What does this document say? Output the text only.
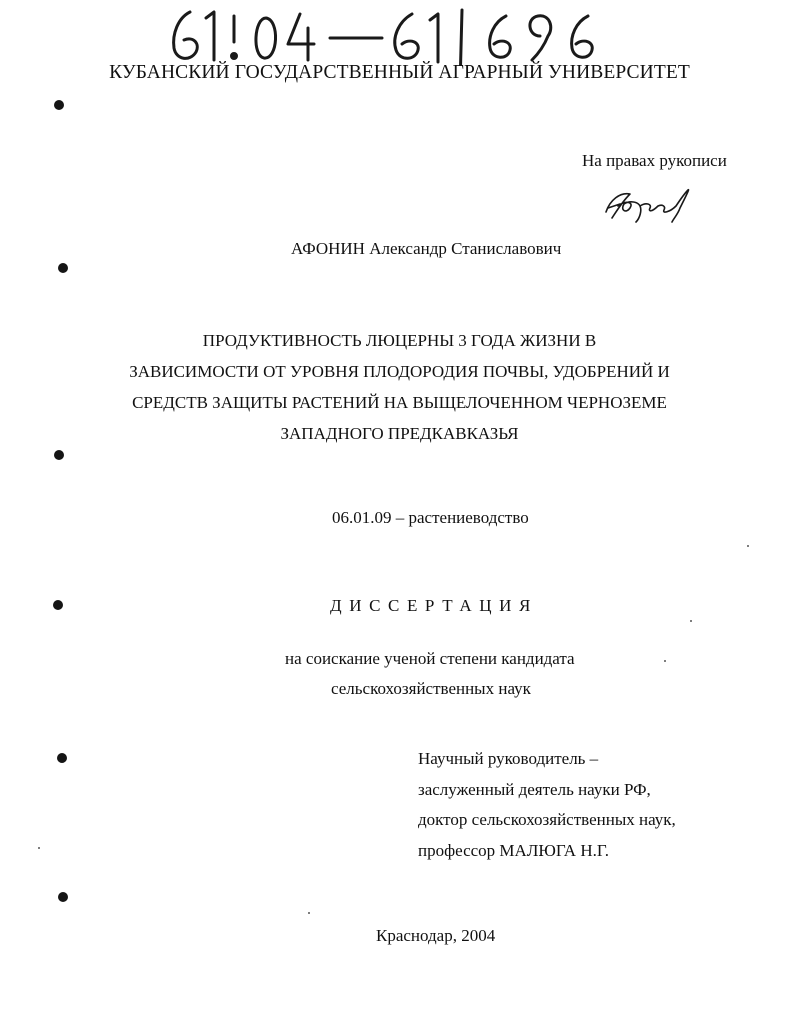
КУБАНСКИЙ ГОСУДАРСТВЕННЫЙ АГРАРНЫЙ УНИВЕРСИТЕТ
На правах рукописи
АФОНИН Александр Станиславович
ПРОДУКТИВНОСТЬ ЛЮЦЕРНЫ 3 ГОДА ЖИЗНИ В
ЗАВИСИМОСТИ ОТ УРОВНЯ ПЛОДОРОДИЯ ПОЧВЫ, УДОБРЕНИЙ И
СРЕДСТВ ЗАЩИТЫ РАСТЕНИЙ НА ВЫЩЕЛОЧЕННОМ ЧЕРНОЗЕМЕ
ЗАПАДНОГО ПРЕДКАВКАЗЬЯ
06.01.09 – растениеводство
ДИССЕРТАЦИЯ
на соискание ученой степени кандидата
сельскохозяйственных наук
Научный руководитель –
заслуженный деятель науки РФ,
доктор сельскохозяйственных наук,
профессор МАЛЮГА Н.Г.
Краснодар, 2004
